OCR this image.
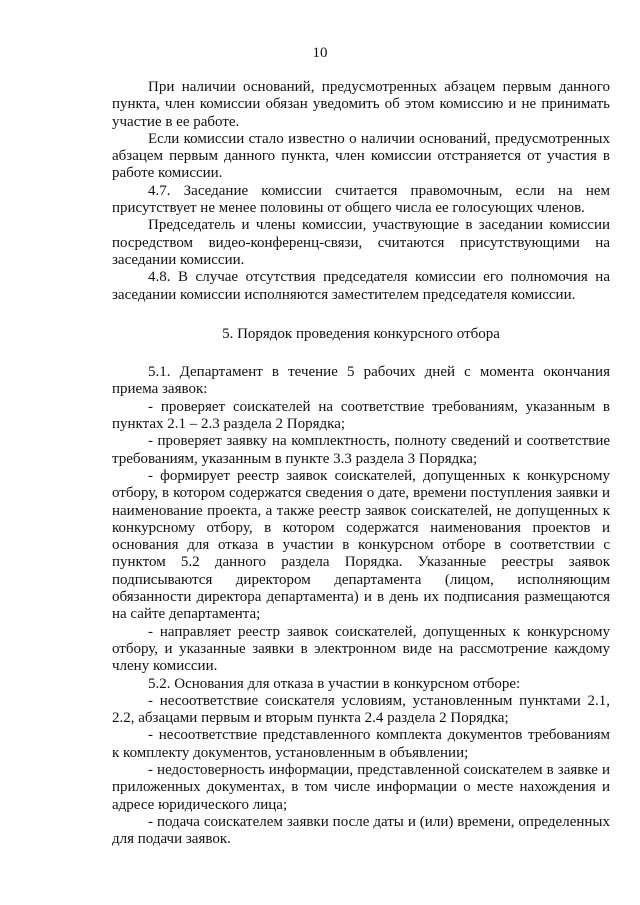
10

При наличии оснований, предусмотренных абзацем первым данного пункта, член комиссии обязан уведомить об этом комиссию и не принимать участие в ее работе.

Если комиссии стало известно о наличии оснований, предусмотренных абзацем первым данного пункта, член комиссии отстраняется от участия в работе комиссии.

4.7. Заседание комиссии считается правомочным, если на нем присутствует не менее половины от общего числа ее голосующих членов.

Председатель и члены комиссии, участвующие в заседании комиссии посредством видео-конференц-связи, считаются присутствующими на заседании комиссии.

4.8. В случае отсутствия председателя комиссии его полномочия на заседании комиссии исполняются заместителем председателя комиссии.

5. Порядок проведения конкурсного отбора

5.1. Департамент в течение 5 рабочих дней с момента окончания приема заявок:

- проверяет соискателей на соответствие требованиям, указанным в пунктах 2.1 – 2.3 раздела 2 Порядка;

- проверяет заявку на комплектность, полноту сведений и соответствие требованиям, указанным в пункте 3.3 раздела 3 Порядка;

- формирует реестр заявок соискателей, допущенных к конкурсному отбору, в котором содержатся сведения о дате, времени поступления заявки и наименование проекта, а также реестр заявок соискателей, не допущенных к конкурсному отбору, в котором содержатся наименования проектов и основания для отказа в участии в конкурсном отборе в соответствии с пунктом 5.2 данного раздела Порядка. Указанные реестры заявок подписываются директором департамента (лицом, исполняющим обязанности директора департамента) и в день их подписания размещаются на сайте департамента;

- направляет реестр заявок соискателей, допущенных к конкурсному отбору, и указанные заявки в электронном виде на рассмотрение каждому члену комиссии.

5.2. Основания для отказа в участии в конкурсном отборе:

- несоответствие соискателя условиям, установленным пунктами 2.1, 2.2, абзацами первым и вторым пункта 2.4 раздела 2 Порядка;

- несоответствие представленного комплекта документов требованиям к комплекту документов, установленным в объявлении;

- недостоверность информации, представленной соискателем в заявке и приложенных документах, в том числе информации о месте нахождения и адресе юридического лица;

- подача соискателем заявки после даты и (или) времени, определенных для подачи заявок.
